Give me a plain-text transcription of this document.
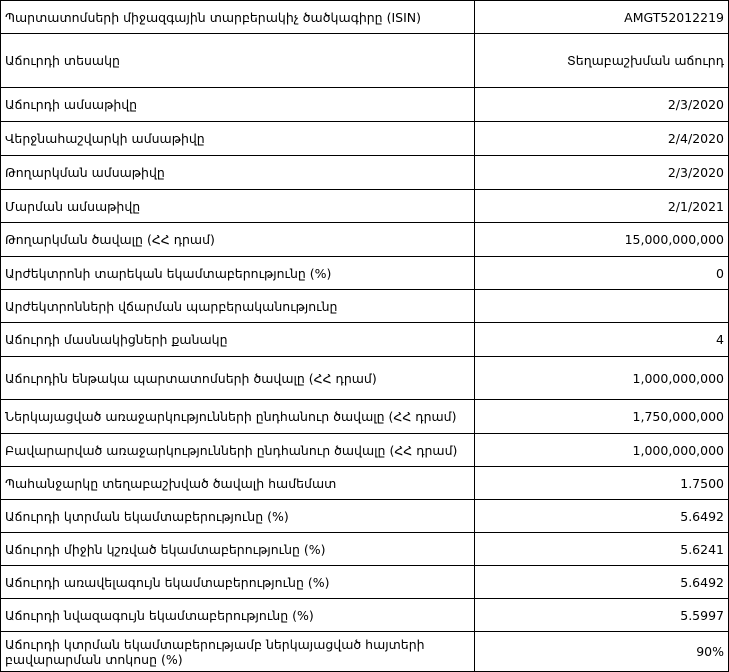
Պարտատոմսերի միջազգային տարբերակիչ ծածկագիրը (ISIN)	AMGT52012219
Աճուրդի տեսակը	Տեղաբաշխման աճուրդ
Աճուրդի ամսաթիվը	2/3/2020
Վերջնահաշվարկի ամսաթիվը	2/4/2020
Թողարկման ամսաթիվը	2/3/2020
Մարման ամսաթիվը	2/1/2021
Թողարկման ծավալը (ՀՀ դրամ)	15,000,000,000
Արժեկտրոնի տարեկան եկամտաբերությունը (%)	0
Արժեկտրոնների վճարման պարբերականությունը	
Աճուրդի մասնակիցների քանակը	4
Աճուրդին ենթակա պարտատոմսերի ծավալը (ՀՀ դրամ)	1,000,000,000
Ներկայացված առաջարկությունների ընդհանուր ծավալը (ՀՀ դրամ)	1,750,000,000
Բավարարված առաջարկությունների ընդհանուր ծավալը (ՀՀ դրամ)	1,000,000,000
Պահանջարկը տեղաբաշխված ծավալի համեմատ	1.7500
Աճուրդի կտրման եկամտաբերությունը (%)	5.6492
Աճուրդի միջին կշռված եկամտաբերությունը (%)	5.6241
Աճուրդի առավելագույն եկամտաբերությունը (%)	5.6492
Աճուրդի նվազագույն եկամտաբերությունը (%)	5.5997
Աճուրդի կտրման եկամտաբերությամբ ներկայացված հայտերի բավարարման տոկոսը (%)	90%
